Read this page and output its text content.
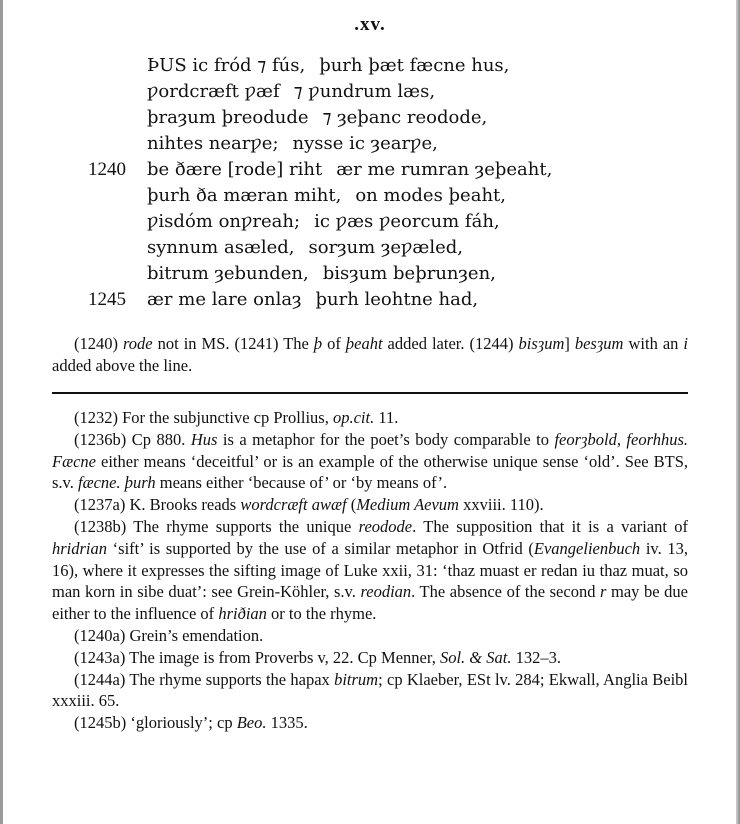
.xv.
ÞUS ic fród ⁊ fús, þurh þæt fæcne hus,
ƿordcræft ƿæf ⁊ ƿundrum læs,
þraȝum þreodude ⁊ ȝeþanc reodode,
nihtes nearƿe; nysse ic ȝearƿe,
1240 be ðære [rode] riht ær me rumran ȝeþeaht,
þurh ða mæran miht, on modes þeaht,
ƿisdóm onƿreah; ic ƿæs ƿeorcum fáh,
synnum asæled, sorȝum ȝeƿæled,
bitrum ȝebunden, bisȝum beþrunȝen,
1245 ær me lare onlaȝ þurh leohtne had,

(1240) rode not in MS. (1241) The þ of þeaht added later. (1244) bisȝum] besȝum with an i added above the line.

(1232) For the subjunctive cp Prollius, op.cit. 11.

(1236b) Cp 880. Hus is a metaphor for the poet’s body comparable to feorȝbold, feorhhus. Fæcne either means ‘deceitful’ or is an example of the otherwise unique sense ‘old’. See BTS, s.v. fæcne. þurh means either ‘because of’ or ‘by means of’.

(1237a) K. Brooks reads wordcræft awæf (Medium Aevum xxviii. 110).

(1238b) The rhyme supports the unique reodode. The supposition that it is a variant of hridrian ‘sift’ is supported by the use of a similar metaphor in Otfrid (Evangelienbuch iv. 13, 16), where it expresses the sifting image of Luke xxii, 31: ‘thaz muast er redan iu thaz muat, so man korn in sibe duat’: see Grein-Köhler, s.v. reodian. The absence of the second r may be due either to the influence of hriðian or to the rhyme.

(1240a) Grein’s emendation.

(1243a) The image is from Proverbs v, 22. Cp Menner, Sol. & Sat. 132–3.

(1244a) The rhyme supports the hapax bitrum; cp Klaeber, ESt lv. 284; Ekwall, Anglia Beibl xxxiii. 65.

(1245b) ‘gloriously’; cp Beo. 1335.
